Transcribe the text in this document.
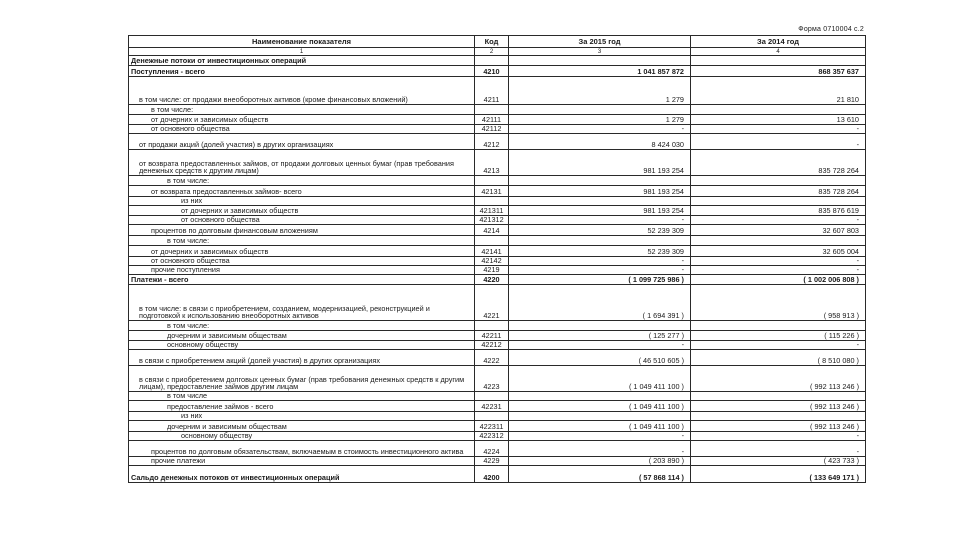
Форма 0710004 с.2
Наименование показателя	Код	За 2015 год	За 2014 год
1	2	3	4
Денежные потоки от инвестиционных операций			
Поступления - всего	4210	1 041 857 872	868 357 637
в том числе: от продажи внеоборотных активов (кроме финансовых вложений)	4211	1 279	21 810
в том числе:			
от дочерних и зависимых обществ	42111	1 279	13 610
от основного общества	42112	-	-
от продажи акций (долей участия) в других организациях	4212	8 424 030	-
от возврата предоставленных займов, от продажи долговых ценных бумаг (прав требования денежных средств к другим лицам)	4213	981 193 254	835 728 264
в том числе:			
от возврата предоставленных займов- всего	42131	981 193 254	835 728 264
из них			
от дочерних и зависимых обществ	421311	981 193 254	835 876 619
от основного общества	421312	-	-
процентов по долговым финансовым вложениям	4214	52 239 309	32 607 803
в том числе:			
от дочерних и зависимых обществ	42141	52 239 309	32 605 004
от основного общества	42142	-	-
прочие поступления	4219	-	-
Платежи - всего	4220	( 1 099 725 986 )	( 1 002 006 808 )
в том числе: в связи с приобретением, созданием, модернизацией, реконструкцией и подготовкой к использованию внеоборотных активов	4221	( 1 694 391 )	( 958 913 )
в том числе:			
дочерним и зависимым обществам	42211	( 125 277 )	( 115 226 )
основному обществу	42212	-	-
в связи с приобретением акций (долей участия) в других организациях	4222	( 46 510 605 )	( 8 510 080 )
в связи с приобретением долговых ценных бумаг (прав требования денежных средств к другим лицам), предоставление займов другим лицам	4223	( 1 049 411 100 )	( 992 113 246 )
в том числе			
предоставление займов - всего	42231	( 1 049 411 100 )	( 992 113 246 )
из них			
дочерним и зависимым обществам	422311	( 1 049 411 100 )	( 992 113 246 )
основному обществу	422312	-	-
процентов по долговым обязательствам, включаемым в стоимость инвестиционного актива	4224	-	-
прочие платежи	4229	( 203 890 )	( 423 733 )
Сальдо денежных потоков от инвестиционных операций	4200	( 57 868 114 )	( 133 649 171 )
